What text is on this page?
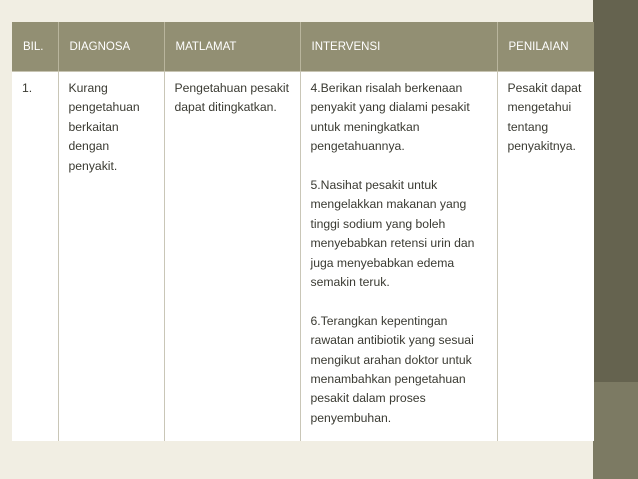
BIL.	DIAGNOSA	MATLAMAT	INTERVENSI	PENILAIAN
1.	Kurang pengetahuan berkaitan dengan penyakit.	Pengetahuan pesakit dapat ditingkatkan.	4.Berikan risalah berkenaan penyakit yang dialami pesakit untuk meningkatkan pengetahuannya.

5.Nasihat pesakit untuk mengelakkan makanan yang tinggi sodium yang boleh menyebabkan retensi urin dan juga menyebabkan edema semakin teruk.

6.Terangkan kepentingan rawatan antibiotik yang sesuai mengikut arahan doktor untuk menambahkan pengetahuan pesakit dalam proses penyembuhan.	Pesakit dapat mengetahui tentang penyakitnya.
